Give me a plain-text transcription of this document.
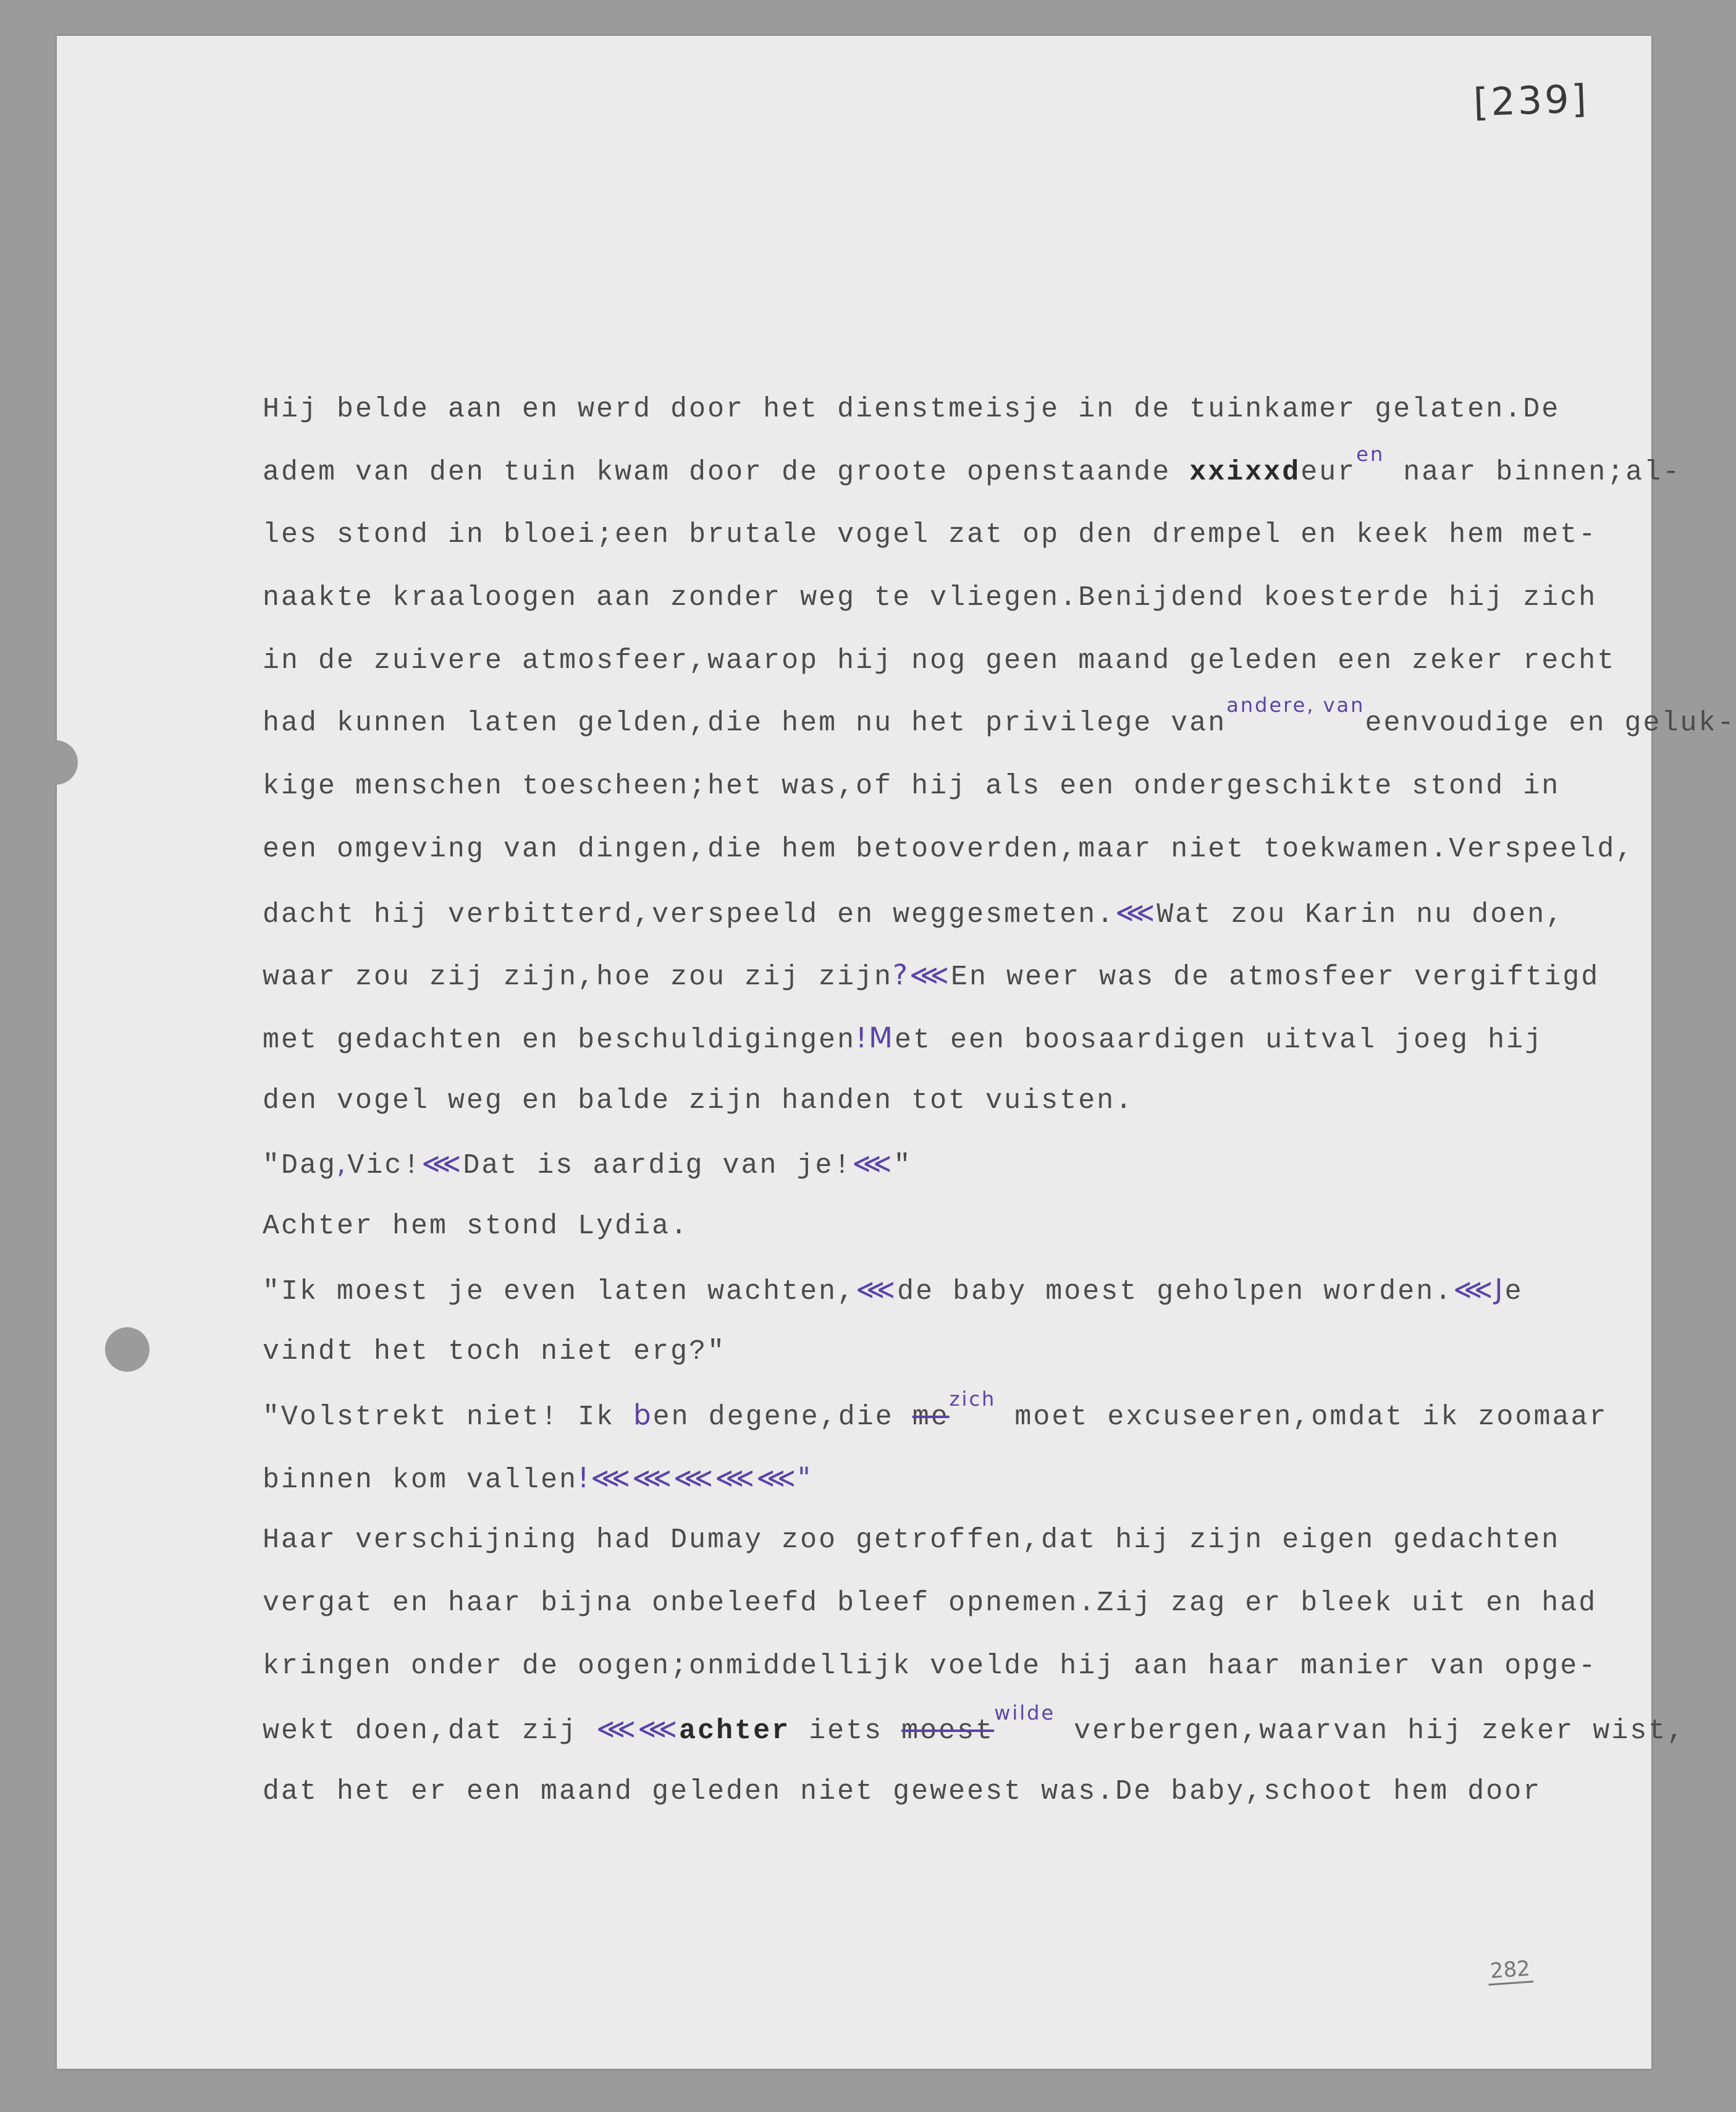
[239]
282
Hij belde aan en werd door het dienstmeisje in de tuinkamer gelaten.De
adem van den tuin kwam door de groote openstaande xxixxdeur$^{en}$ naar binnen;al-
les stond in bloei;een brutale vogel zat op den drempel en keek hem met-
naakte kraaloogen aan zonder weg te vliegen.Benijdend koesterde hij zich
in de zuivere atmosfeer,waarop hij nog geen maand geleden een zeker recht
had kunnen laten gelden,die hem nu het privilege van$^{andere, van}$eenvoudige en geluk-
kige menschen toescheen;het was,of hij als een ondergeschikte stond in
een omgeving van dingen,die hem betooverden,maar niet toekwamen.Verspeeld,
dacht hij verbitterd,verspeeld en weggesmeten.⋘Wat zou Karin nu doen,
waar zou zij zijn,hoe zou zij zijn?⋘En weer was de atmosfeer vergiftigd
met gedachten en beschuldigingen!Met een boosaardigen uitval joeg hij
den vogel weg en balde zijn handen tot vuisten.
"Dag,Vic!⋘Dat is aardig van je!⋘"
Achter hem stond Lydia.
"Ik moest je even laten wachten,⋘de baby moest geholpen worden.⋘Je
vindt het toch niet erg?"
"Volstrekt niet! Ik ben degene,die $me^{zich}$ moet excuseeren,omdat ik zoomaar
binnen kom vallen!⋘⋘⋘⋘⋘"
Haar verschijning had Dumay zoo getroffen,dat hij zijn eigen gedachten
vergat en haar bijna onbeleefd bleef opnemen.Zij zag er bleek uit en had
kringen onder de oogen;onmiddellijk voelde hij aan haar manier van opge-
wekt doen,dat zij ⋘⋘achter iets moest$^{wilde}$ verbergen,waarvan hij zeker wist,
dat het er een maand geleden niet geweest was.De baby,schoot hem door
